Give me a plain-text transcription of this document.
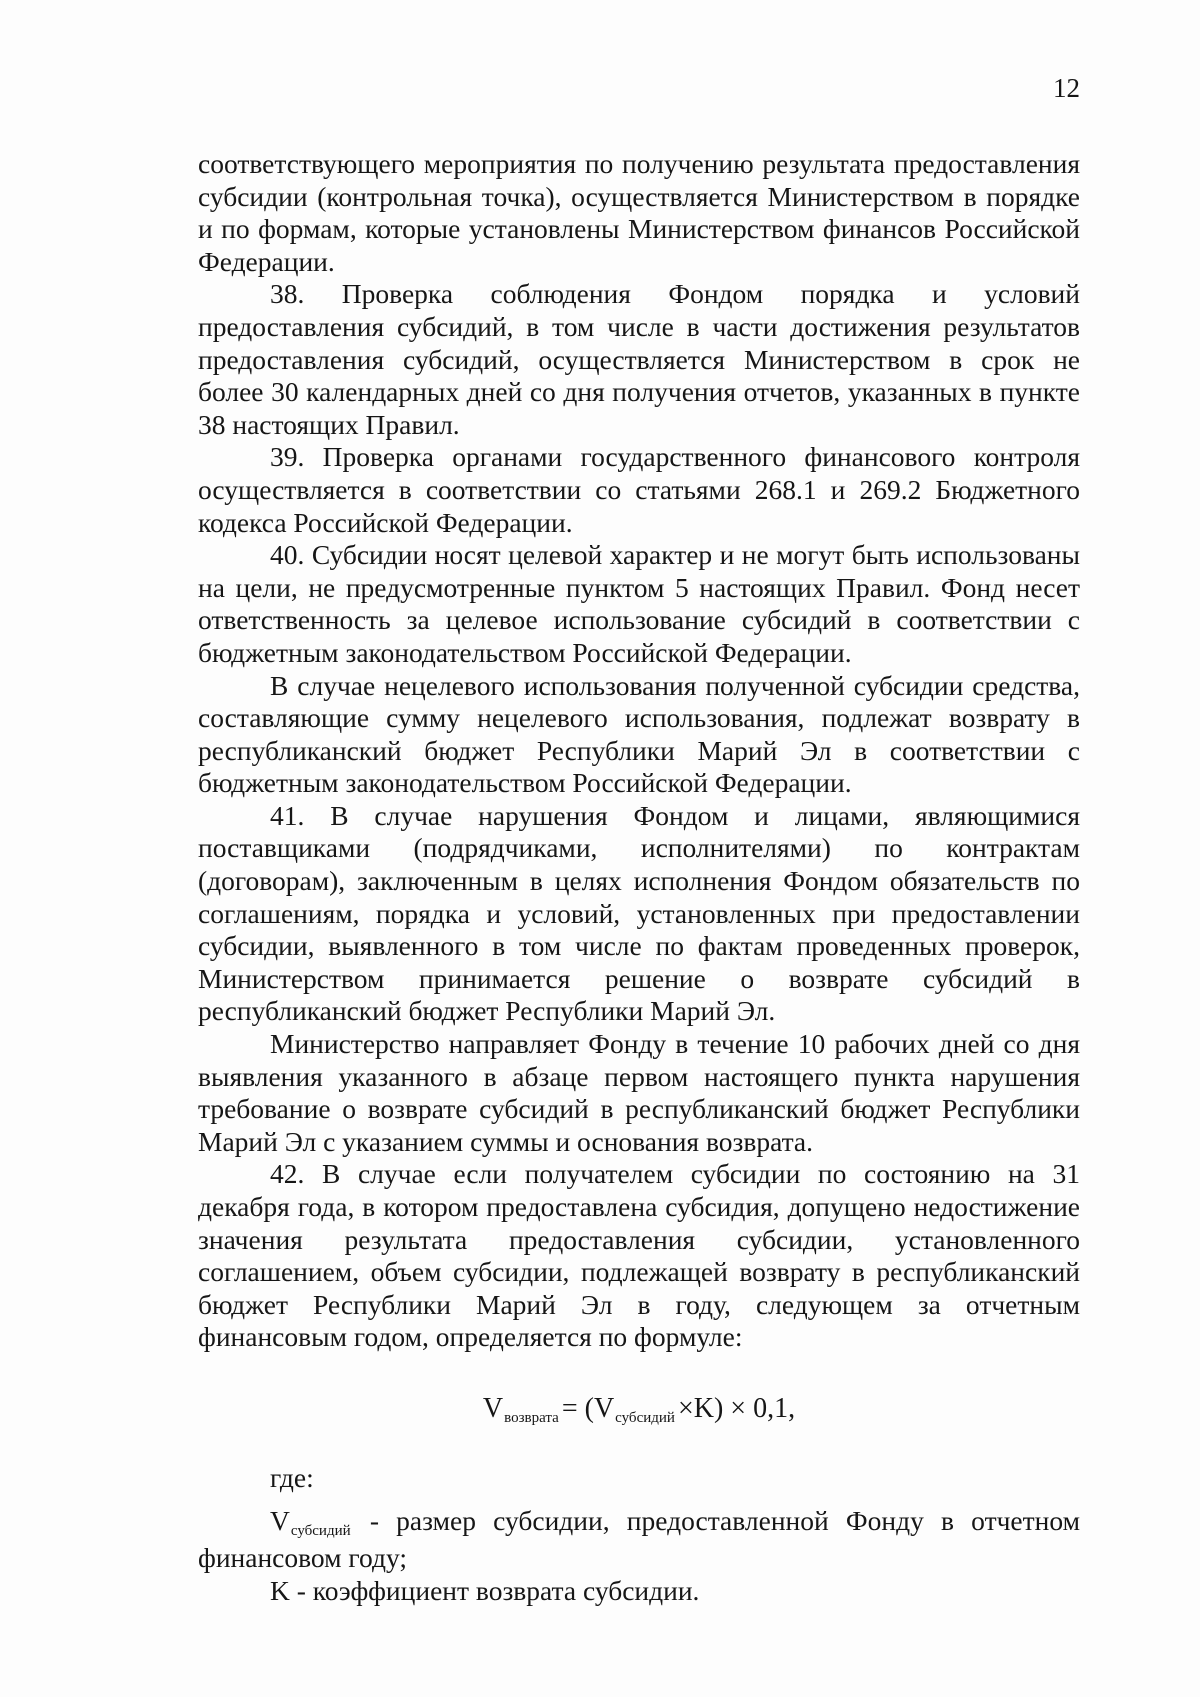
12

соответствующего мероприятия по получению результата предоставления субсидии (контрольная точка), осуществляется Министерством в порядке и по формам, которые установлены Министерством финансов Российской Федерации.

38. Проверка соблюдения Фондом порядка и условий предоставления субсидий, в том числе в части достижения результатов предоставления субсидий, осуществляется Министерством в срок не более 30 календарных дней со дня получения отчетов, указанных в пункте 38 настоящих Правил.

39. Проверка органами государственного финансового контроля осуществляется в соответствии со статьями 268.1 и 269.2 Бюджетного кодекса Российской Федерации.

40. Субсидии носят целевой характер и не могут быть использованы на цели, не предусмотренные пунктом 5 настоящих Правил. Фонд несет ответственность за целевое использование субсидий в соответствии с бюджетным законодательством Российской Федерации.

В случае нецелевого использования полученной субсидии средства, составляющие сумму нецелевого использования, подлежат возврату в республиканский бюджет Республики Марий Эл в соответствии с бюджетным законодательством Российской Федерации.

41. В случае нарушения Фондом и лицами, являющимися поставщиками (подрядчиками, исполнителями) по контрактам (договорам), заключенным в целях исполнения Фондом обязательств по соглашениям, порядка и условий, установленных при предоставлении субсидии, выявленного в том числе по фактам проведенных проверок, Министерством принимается решение о возврате субсидий в республиканский бюджет Республики Марий Эл.

Министерство направляет Фонду в течение 10 рабочих дней со дня выявления указанного в абзаце первом настоящего пункта нарушения требование о возврате субсидий в республиканский бюджет Республики Марий Эл с указанием суммы и основания возврата.

42. В случае если получателем субсидии по состоянию на 31 декабря года, в котором предоставлена субсидия, допущено недостижение значения результата предоставления субсидии, установленного соглашением, объем субсидии, подлежащей возврату в республиканский бюджет Республики Марий Эл в году, следующем за отчетным финансовым годом, определяется по формуле:

Vвозврата = (Vсубсидий ×K) × 0,1,

где:

Vсубсидий - размер субсидии, предоставленной Фонду в отчетном финансовом году;

K - коэффициент возврата субсидии.
